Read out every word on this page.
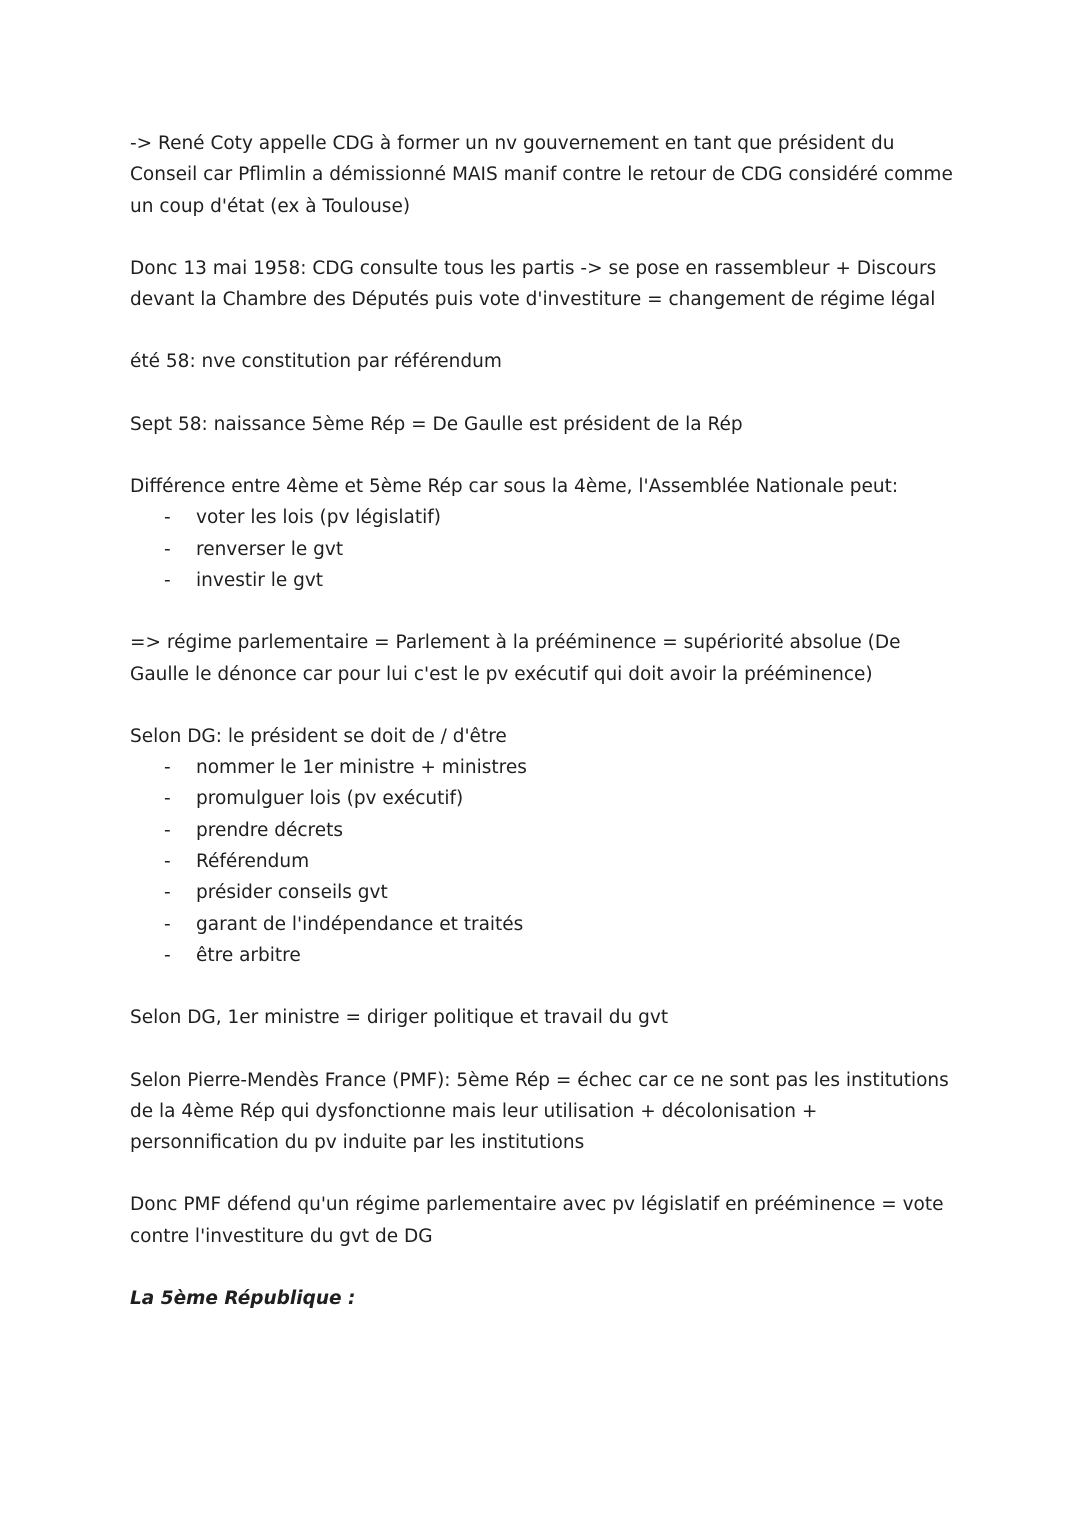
-> René Coty appelle CDG à former un nv gouvernement en tant que président du Conseil car Pflimlin a démissionné MAIS manif contre le retour de CDG considéré comme un coup d'état (ex à Toulouse)

Donc 13 mai 1958: CDG consulte tous les partis -> se pose en rassembleur + Discours devant la Chambre des Députés puis vote d'investiture = changement de régime légal

été 58: nve constitution par référendum

Sept 58: naissance 5ème Rép = De Gaulle est président de la Rép

Différence entre 4ème et 5ème Rép car sous la 4ème, l'Assemblée Nationale peut:

- voter les lois (pv législatif)
- renverser le gvt
- investir le gvt

=> régime parlementaire = Parlement à la prééminence = supériorité absolue (De Gaulle le dénonce car pour lui c'est le pv exécutif qui doit avoir la prééminence)

Selon DG: le président se doit de / d'être

- nommer le 1er ministre + ministres
- promulguer lois (pv exécutif)
- prendre décrets
- Référendum
- présider conseils gvt
- garant de l'indépendance et traités
- être arbitre

Selon DG, 1er ministre = diriger politique et travail du gvt

Selon Pierre-Mendès France (PMF): 5ème Rép = échec car ce ne sont pas les institutions de la 4ème Rép qui dysfonctionne mais leur utilisation + décolonisation + personnification du pv induite par les institutions

Donc PMF défend qu'un régime parlementaire avec pv législatif en prééminence = vote contre l'investiture du gvt de DG

La 5ème République :
